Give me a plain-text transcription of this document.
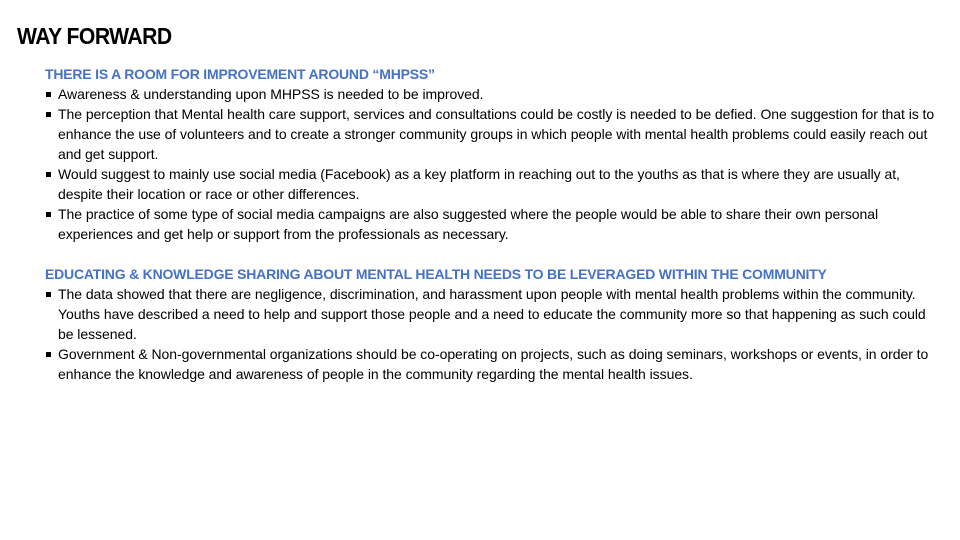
WAY FORWARD
THERE IS A ROOM FOR IMPROVEMENT AROUND “MHPSS”
Awareness & understanding upon MHPSS is needed to be improved.
The perception that Mental health care support, services and consultations could be costly is needed to be defied. One suggestion for that is to enhance the use of volunteers and to create a stronger community groups in which people with mental health problems could easily reach out and get support.
Would suggest to mainly use social media (Facebook) as a key platform in reaching out to the youths as that is where they are usually at, despite their location or race or other differences.
The practice of some type of social media campaigns are also suggested where the people would be able to share their own personal experiences and get help or support from the professionals as necessary.
EDUCATING & KNOWLEDGE SHARING ABOUT MENTAL HEALTH NEEDS TO BE LEVERAGED WITHIN THE COMMUNITY
The data showed that there are negligence, discrimination, and harassment upon people with mental health problems within the community. Youths have described a need to help and support those people and a need to educate the community more so that happening as such could be lessened.
Government & Non-governmental organizations should be co-operating on projects, such as doing seminars, workshops or events, in order to enhance the knowledge and awareness of people in the community regarding the mental health issues.
